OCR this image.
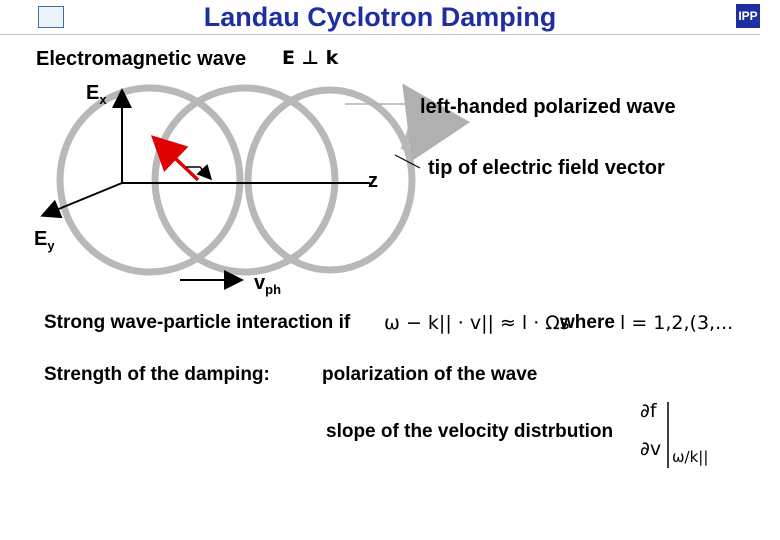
Landau Cyclotron Damping	IPP
Electromagnetic wave E ⊥ k
$E_x$
$E_y$
z
$v_{ph}$
left-handed polarized wave
tip of electric field vector
Strong wave-particle interaction if ω − k|| · v|| ≈ l · Ωs
where l = 1,2,(3,...
Strength of the damping:	polarization of the wave
slope of the velocity distrbution
∂f
∂v ω/k||
